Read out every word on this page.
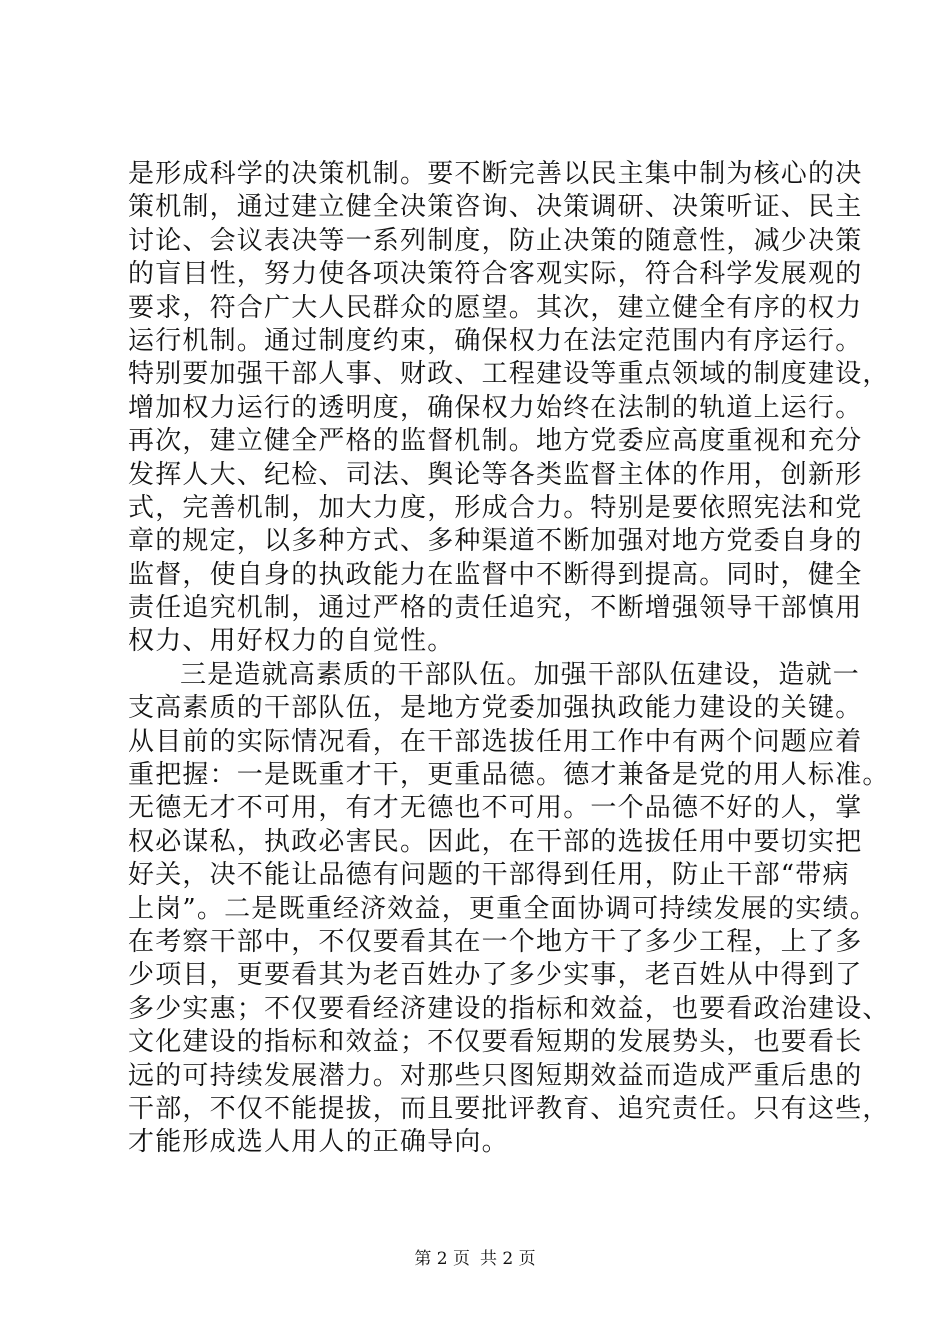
是形成科学的决策机制。要不断完善以民主集中制为核心的决
策机制，通过建立健全决策咨询、决策调研、决策听证、民主
讨论、会议表决等一系列制度，防止决策的随意性，减少决策
的盲目性，努力使各项决策符合客观实际，符合科学发展观的
要求，符合广大人民群众的愿望。其次，建立健全有序的权力
运行机制。通过制度约束，确保权力在法定范围内有序运行。
特别要加强干部人事、财政、工程建设等重点领域的制度建设，
增加权力运行的透明度，确保权力始终在法制的轨道上运行。
再次，建立健全严格的监督机制。地方党委应高度重视和充分
发挥人大、纪检、司法、舆论等各类监督主体的作用，创新形
式，完善机制，加大力度，形成合力。特别是要依照宪法和党
章的规定，以多种方式、多种渠道不断加强对地方党委自身的
监督，使自身的执政能力在监督中不断得到提高。同时，健全
责任追究机制，通过严格的责任追究，不断增强领导干部慎用
权力、用好权力的自觉性。
三是造就高素质的干部队伍。加强干部队伍建设，造就一
支高素质的干部队伍，是地方党委加强执政能力建设的关键。
从目前的实际情况看，在干部选拔任用工作中有两个问题应着
重把握：一是既重才干，更重品德。德才兼备是党的用人标准。
无德无才不可用，有才无德也不可用。一个品德不好的人，掌
权必谋私，执政必害民。因此，在干部的选拔任用中要切实把
好关，决不能让品德有问题的干部得到任用，防止干部“带病
上岗”。二是既重经济效益，更重全面协调可持续发展的实绩。
在考察干部中，不仅要看其在一个地方干了多少工程，上了多
少项目，更要看其为老百姓办了多少实事，老百姓从中得到了
多少实惠；不仅要看经济建设的指标和效益，也要看政治建设、
文化建设的指标和效益；不仅要看短期的发展势头，也要看长
远的可持续发展潜力。对那些只图短期效益而造成严重后患的
干部，不仅不能提拔，而且要批评教育、追究责任。只有这些，
才能形成选人用人的正确导向。
第 2 页 共 2 页
